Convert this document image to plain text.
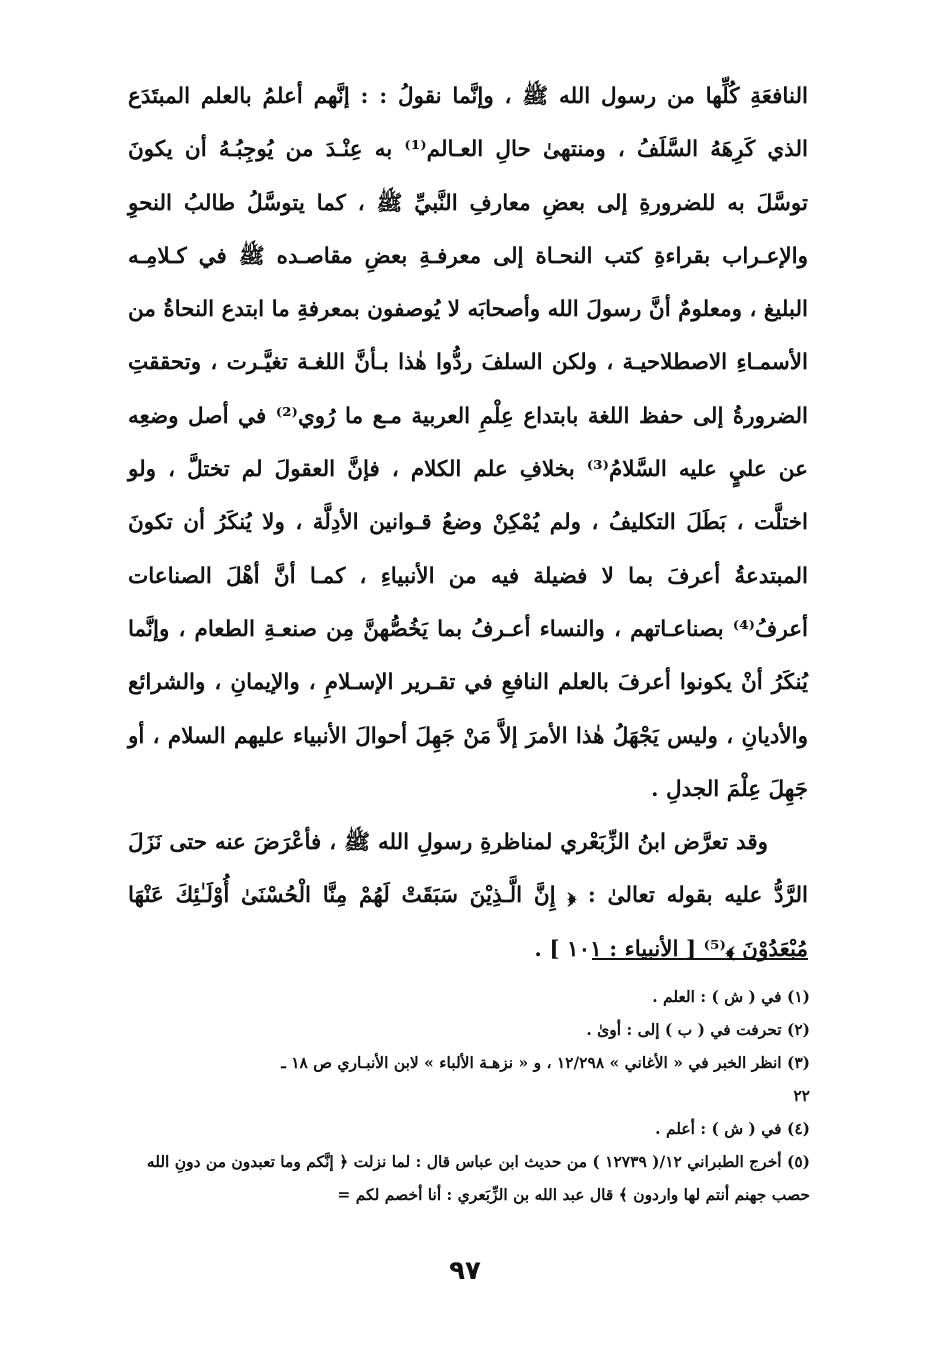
النافعَةِ كُلِّها من رسول الله ﷺ ، وإنَّما نقولُ : : إنَّهم أعلمُ بالعلم المبتَدَع الذي كَرِهَهُ السَّلَفُ ، ومنتهىٰ حالِ العـالم⁽¹⁾ به عِنْـدَ من يُوجِبُـهُ أن يكونَ توسَّلَ به للضرورةِ إلى بعضِ معارفِ النَّبيِّ ﷺ ، كما يتوسَّلُ طالبُ النحوِ والإعـراب بقراءةِ كتب النحـاة إلى معرفـةِ بعضِ مقاصـده ﷺ في كـلامِـه البليغ ، ومعلومٌ أنَّ رسولَ الله وأصحابَه لا يُوصفون بمعرفةِ ما ابتدع النحاةُ من الأسمـاءِ الاصطلاحيـة ، ولكن السلفَ ردُّوا هٰذا بـأنَّ اللغـة تغيَّـرت ، وتحققتِ الضرورةُ إلى حفظ اللغة بابتداع عِلْمِ العربية مـع ما رُوي⁽²⁾ في أصل وضعِه عن عليٍ عليه السَّلامُ⁽³⁾ بخلافِ علم الكلام ، فإنَّ العقولَ لم تختلَّ ، ولو اختلَّت ، بَطَلَ التكليفُ ، ولم يُمْكِنْ وضعُ قـوانين الأدِلَّة ، ولا يُنكَرُ أن تكونَ المبتدعةُ أعرفَ بما لا فضيلة فيه من الأنبياءِ ، كمـا أنَّ أهْلَ الصناعات أعرفُ⁽⁴⁾ بصناعـاتهم ، والنساء أعـرفُ بما يَخُصُّهنَّ مِن صنعـةِ الطعام ، وإنَّما يُنكَرُ أنْ يكونوا أعرفَ بالعلم النافعِ في تقـرير الإسـلامِ ، والإيمانِ ، والشرائع والأديانِ ، وليس يَجْهَلُ هٰذا الأمرَ إلاَّ مَنْ جَهِلَ أحوالَ الأنبياء عليهم السلام ، أو جَهِلَ عِلْمَ الجدلِ .

وقد تعرَّض ابنُ الزِّبَعْري لمناظرةِ رسولِ الله ﷺ ، فأعْرَضَ عنه حتى نَزَلَ الرَّدُّ عليه بقوله تعالىٰ : ﴿ إِنَّ الَّـذِيْنَ سَبَقَتْ لَهُمْ مِنَّا الْحُسْنَىٰ أُوْلَـٰئِكَ عَنْهَا مُبْعَدُوْنَ ﴾⁽⁵⁾ [ الأنبياء : ١٠١ ] .

(١) في ( ش ) : العلم .

(٢) تحرفت في ( ب ) إلى : أوىٰ .

(٣) انظر الخبر في « الأغاني » ١٢/٢٩٨ ، و « نزهـة الألباء » لابن الأنبـاري ص ١٨ ـ

٢٢

(٤) في ( ش ) : أعلم .

(٥) أخرج الطبراني ١٢/( ١٢٧٣٩ ) من حديث ابن عباس قال : لما نزلت ﴿ إنَّكم وما تعبدون من دونِ الله حصب جهنم أنتم لها واردون ﴾ قال عبد الله بن الزِّبَعري : أنا أخصم لكم =

٩٧
